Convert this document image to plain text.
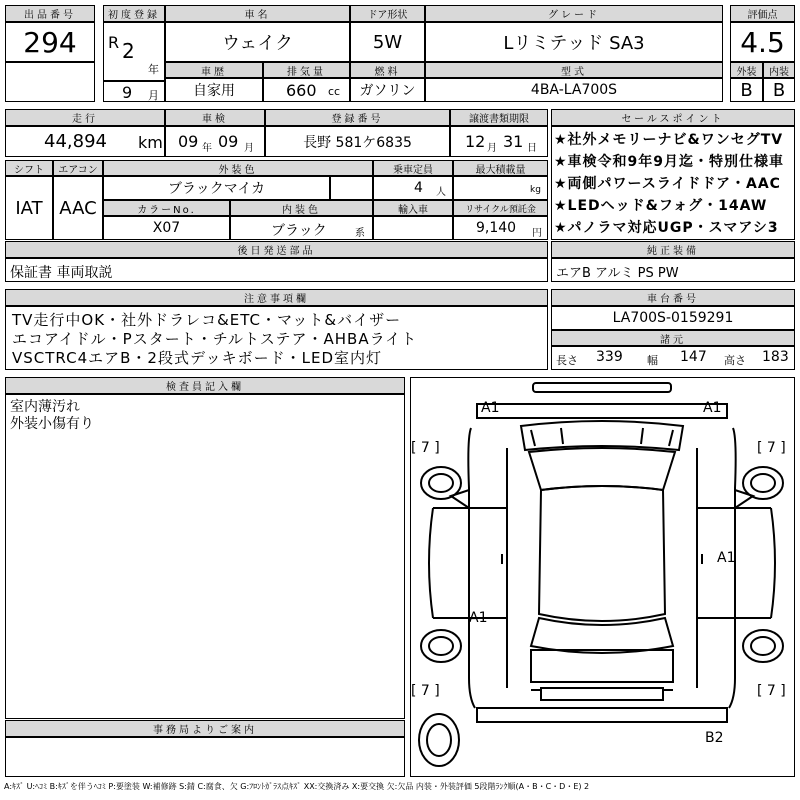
出品番号
294
初度登録
R 2
年
9 月
車名
ウェイク
ドア形状
5W
グレード
Lリミテッド SA3
評価点
4.5
外装	内装
B	B
車歴
自家用
排気量
660 cc
燃料
ガソリン
型式
4BA-LA700S
走行
44,894 km
車検
09 年 09 月
登録番号
長野 581ケ6835
譲渡書類期限
12 月 31 日
シフト
IAT
エアコン
AAC
外装色
ブラックマイカ
乗車定員
4 人
最大積載量
kg
カラーNo.
X07
内装色
ブラック	系
輸入車	リサイクル預託金
9,140 円
セールスポイント
★社外メモリーナビ&ワンセグTV
★車検令和9年9月迄・特別仕様車
★両側パワースライドドア・AAC
★LEDヘッド&フォグ・14AW
★パノラマ対応UGP・スマアシ3
後日発送部品
保証書 車両取説
純正装備
エアB アルミ PS PW
注意事項欄
TV走行中OK・社外ドラレコ&ETC・マット&バイザー
エコアイドル・Pスタート・チルトステア・AHBAライト
VSCTRC4エアB・2段式デッキボード・LED室内灯
車台番号
LA700S-0159291
諸元
長さ 339 幅 147 高さ 183
検査員記入欄
室内薄汚れ
外装小傷有り
事務局よりご案内
A1	A1
[ 7 ]	[ 7 ]
A1
A1
[ 7 ]	[ 7 ]
B2
A:ｷｽﾞ U:ﾍｺﾐ B:ｷｽﾞを伴うﾍｺﾐ P:要塗装 W:補修跡 S:錆 C:腐食、欠 G:ﾌﾛﾝﾄｶﾞﾗｽ点ｷｽﾞ XX:交換済み X:要交換 欠:欠品 内装・外装評価 5段階ﾗﾝｸ順(A・B・C・D・E) 2
